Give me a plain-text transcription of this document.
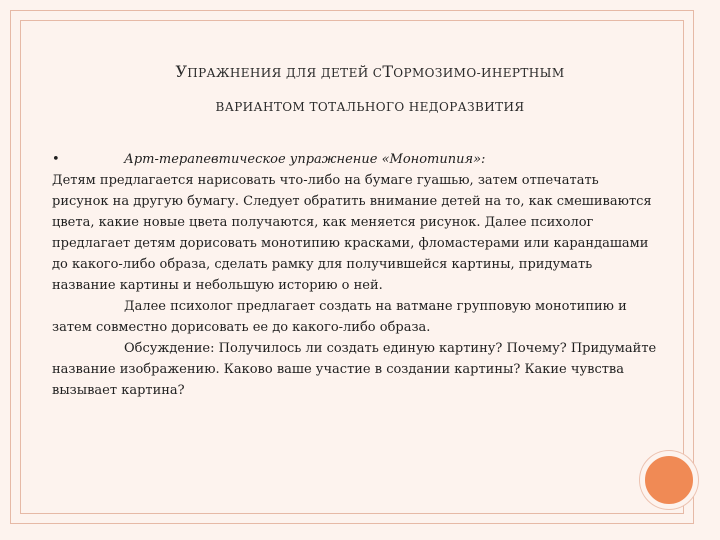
УПРАЖНЕНИЯ ДЛЯ ДЕТЕЙ СТОРМОЗИМО-ИНЕРТНЫМ
ВАРИАНТОМ ТОТАЛЬНОГО НЕДОРАЗВИТИЯ
•	Арт-терапевтическое упражнение «Монотипия»:

Детям предлагается нарисовать что-либо на бумаге гуашью, затем отпечатать рисунок на другую бумагу. Следует обратить внимание детей на то, как смешиваются цвета, какие новые цвета получаются, как меняется рисунок. Далее психолог предлагает детям дорисовать монотипию красками, фломастерами или карандашами до какого-либо образа, сделать рамку для получившейся картины, придумать название картины и небольшую историю о ней.

Далее психолог предлагает создать на ватмане групповую монотипию и затем совместно дорисовать ее до какого-либо образа.

Обсуждение: Получилось ли создать единую картину? Почему? Придумайте название изображению. Каково ваше участие в создании картины? Какие чувства вызывает картина?
